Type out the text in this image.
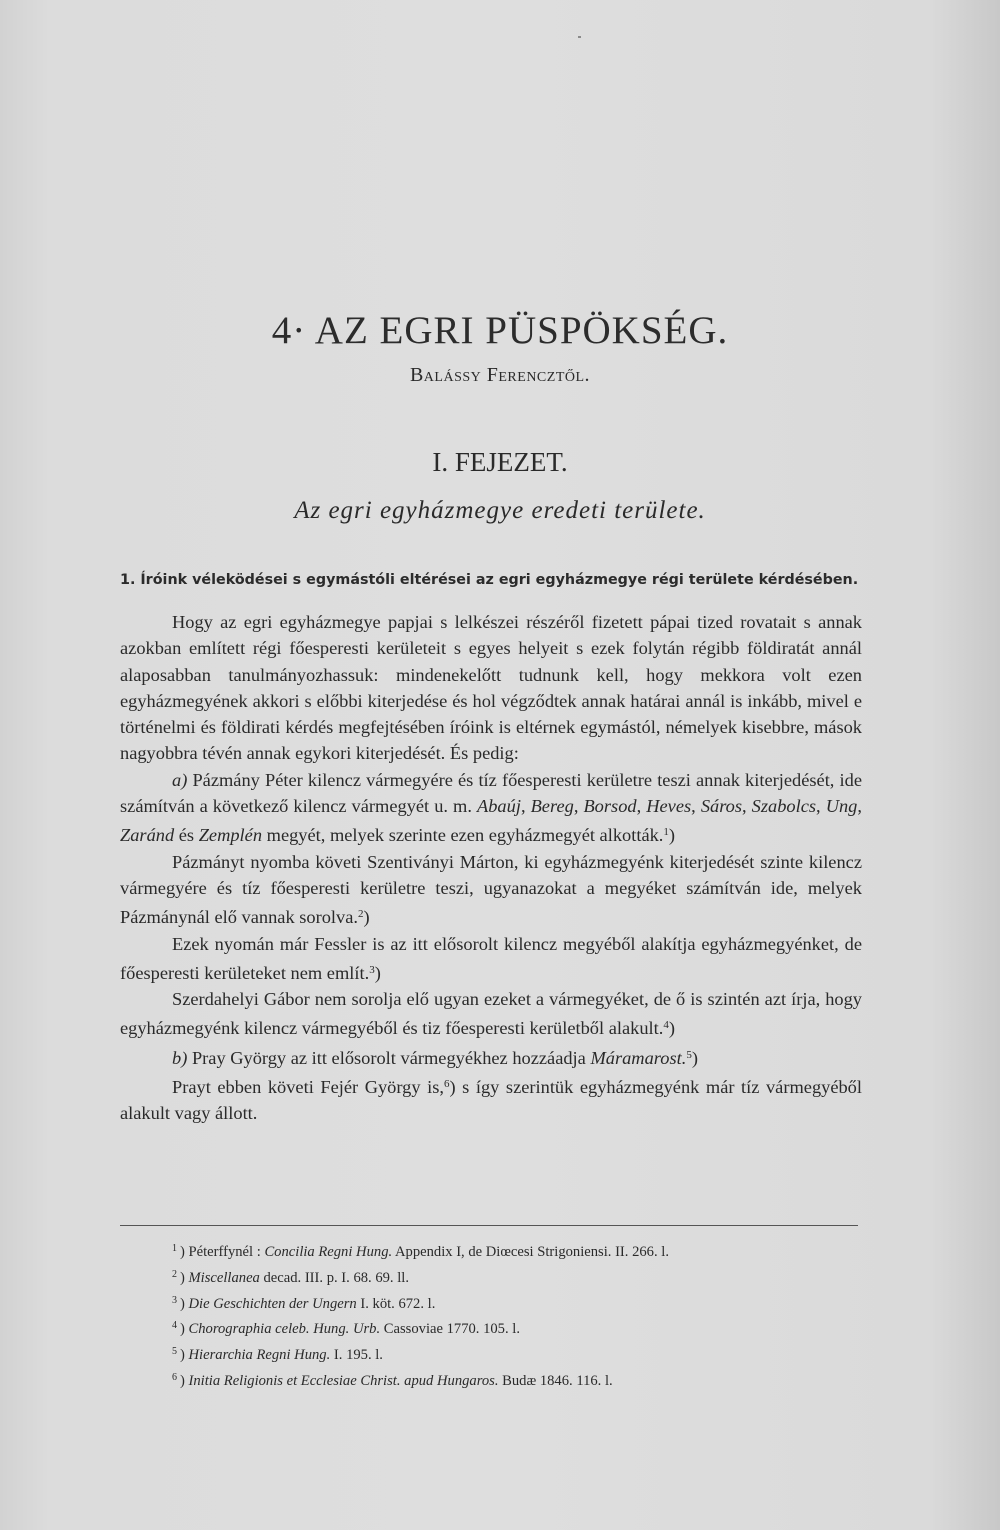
4· AZ EGRI PÜSPÖKSÉG.
Balássy Ferencztől.
I. FEJEZET.
Az egri egyházmegye eredeti területe.
1. Íróink véleködései s egymástóli eltérései az egri egyházmegye régi területe kérdésében.

Hogy az egri egyházmegye papjai s lelkészei részéről fizetett pápai tized rovatait s annak azokban említett régi főesperesti kerületeit s egyes helyeit s ezek folytán régibb földiratát annál alaposabban tanulmányozhassuk: mindenekelőtt tudnunk kell, hogy mekkora volt ezen egyházmegyének akkori s előbbi kiterjedése és hol végződtek annak határai annál is inkább, mivel e történelmi és földirati kérdés megfejtésében íróink is eltérnek egymástól, némelyek kisebbre, mások nagyobbra tévén annak egykori kiterjedését. És pedig:

a) Pázmány Péter kilencz vármegyére és tíz főesperesti kerületre teszi annak kiterjedését, ide számítván a következő kilencz vármegyét u. m. Abaúj, Bereg, Borsod, Heves, Sáros, Szabolcs, Ung, Zaránd és Zemplén megyét, melyek szerinte ezen egyházmegyét alkották.$^1$)

Pázmányt nyomba követi Szentiványi Márton, ki egyházmegyénk kiterjedését szinte kilencz vármegyére és tíz főesperesti kerületre teszi, ugyanazokat a megyéket számítván ide, melyek Pázmánynál elő vannak sorolva.$^2$)

Ezek nyomán már Fessler is az itt elősorolt kilencz megyéből alakítja egyházmegyénket, de főesperesti kerületeket nem említ.$^3$)

Szerdahelyi Gábor nem sorolja elő ugyan ezeket a vármegyéket, de ő is szintén azt írja, hogy egyházmegyénk kilencz vármegyéből és tiz főesperesti kerületből alakult.$^4$)

b) Pray György az itt elősorolt vármegyékhez hozzáadja Máramarost.$^5$)

Prayt ebben követi Fejér György is,$^6$) s így szerintük egyházmegyénk már tíz vármegyéből alakult vagy állott.

$^1$ ) Péterffynél : Concilia Regni Hung. Appendix I, de Diœcesi Strigoniensi. II. 266. l.
$^2$ ) Miscellanea decad. III. p. I. 68. 69. ll.
$^3$ ) Die Geschichten der Ungern I. köt. 672. l.
$^4$ ) Chorographia celeb. Hung. Urb. Cassoviae 1770. 105. l.
$^5$ ) Hierarchia Regni Hung. I. 195. l.
$^6$ ) Initia Religionis et Ecclesiae Christ. apud Hungaros. Budæ 1846. 116. l.
